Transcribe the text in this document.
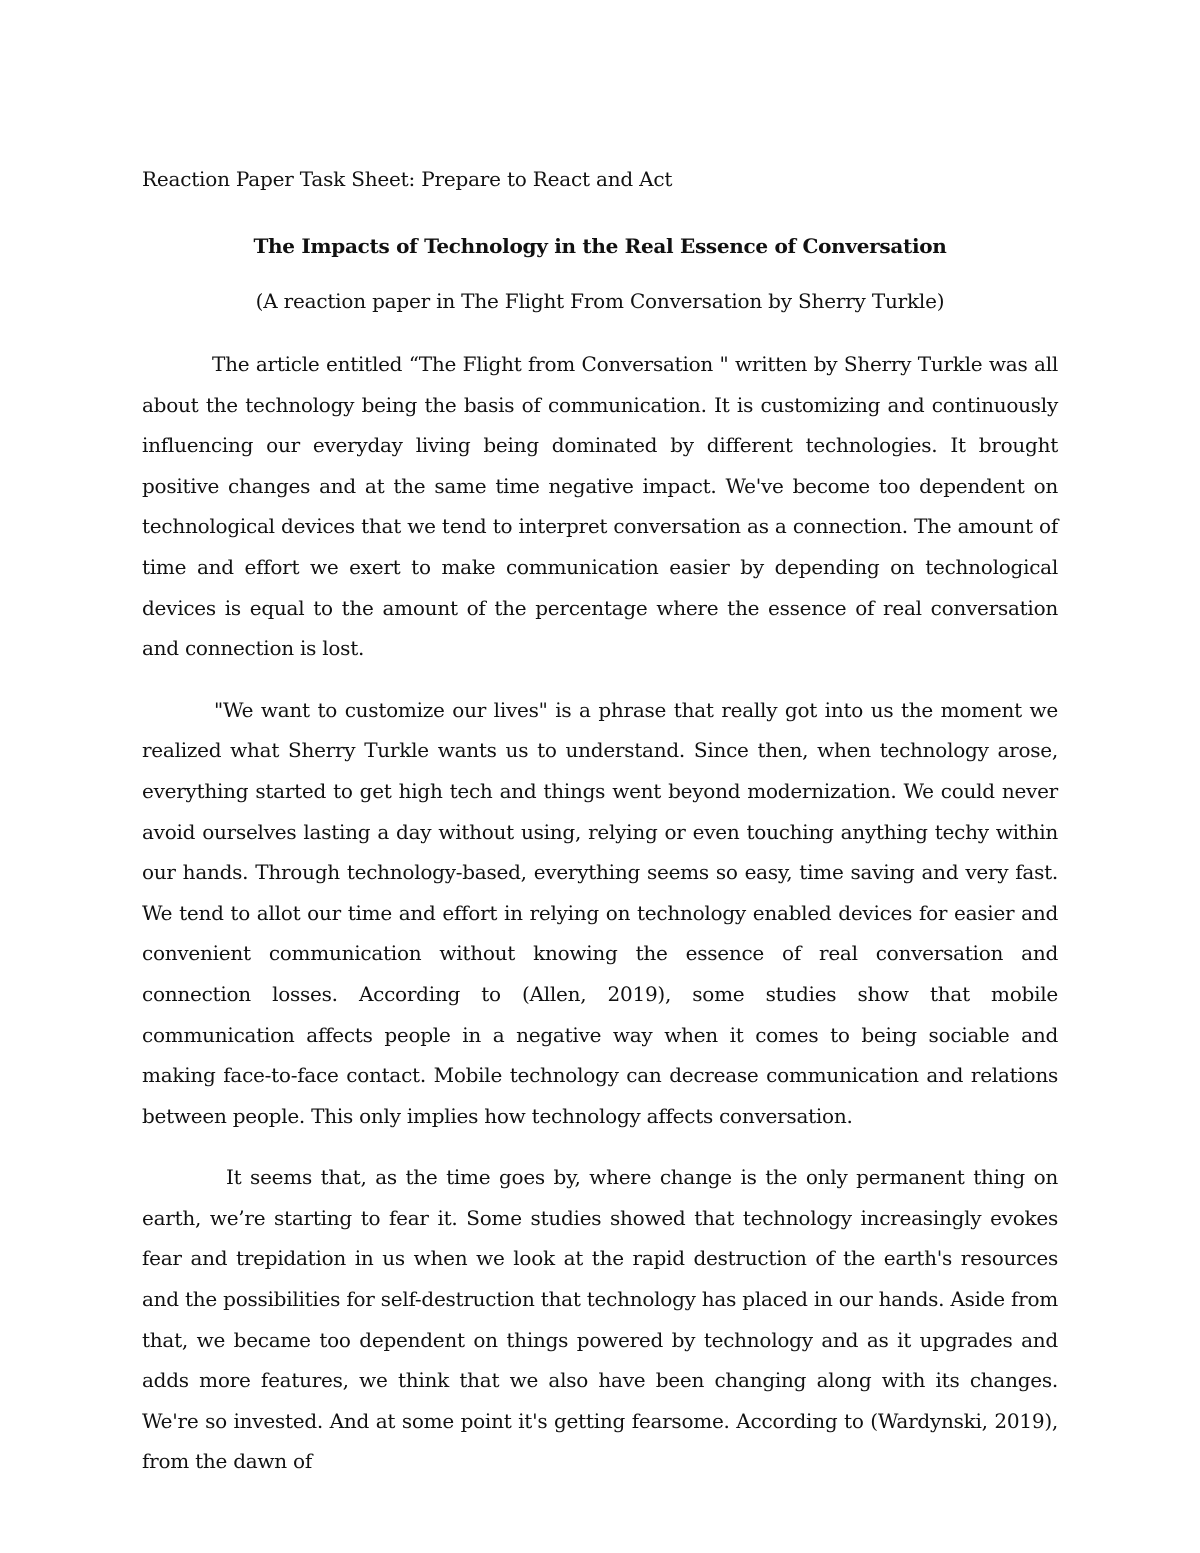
Reaction Paper Task Sheet: Prepare to React and Act

The Impacts of Technology in the Real Essence of Conversation

(A reaction paper in The Flight From Conversation by Sherry Turkle)

The article entitled “The Flight from Conversation " written by Sherry Turkle was all about the technology being the basis of communication. It is customizing and continuously influencing our everyday living being dominated by different technologies. It brought positive changes and at the same time negative impact. We've become too dependent on technological devices that we tend to interpret conversation as a connection. The amount of time and effort we exert to make communication easier by depending on technological devices is equal to the amount of the percentage where the essence of real conversation and connection is lost.

"We want to customize our lives" is a phrase that really got into us the moment we realized what Sherry Turkle wants us to understand. Since then, when technology arose, everything started to get high tech and things went beyond modernization. We could never avoid ourselves lasting a day without using, relying or even touching anything techy within our hands. Through technology-based, everything seems so easy, time saving and very fast. We tend to allot our time and effort in relying on technology enabled devices for easier and convenient communication without knowing the essence of real conversation and connection losses. According to (Allen, 2019), some studies show that mobile communication affects people in a negative way when it comes to being sociable and making face-to-face contact. Mobile technology can decrease communication and relations between people. This only implies how technology affects conversation.

It seems that, as the time goes by, where change is the only permanent thing on earth, we’re starting to fear it. Some studies showed that technology increasingly evokes fear and trepidation in us when we look at the rapid destruction of the earth's resources and the possibilities for self-destruction that technology has placed in our hands. Aside from that, we became too dependent on things powered by technology and as it upgrades and adds more features, we think that we also have been changing along with its changes. We're so invested. And at some point it's getting fearsome. According to (Wardynski, 2019), from the dawn of
